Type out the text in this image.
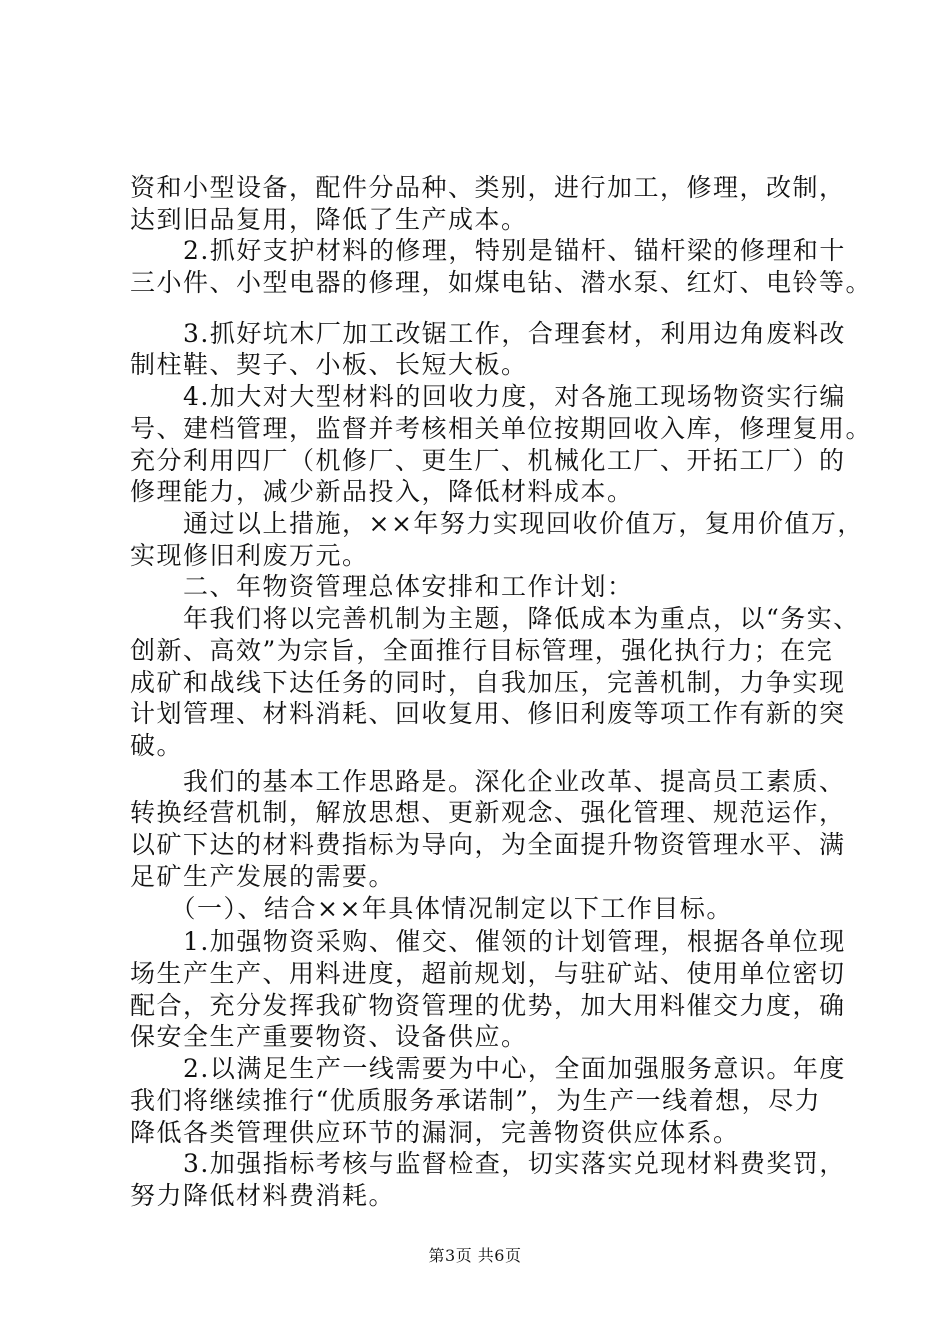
资和小型设备，配件分品种、类别，进行加工，修理，改制，
达到旧品复用，降低了生产成本。
　　2.抓好支护材料的修理，特别是锚杆、锚杆梁的修理和十
三小件、小型电器的修理，如煤电钻、潜水泵、红灯、电铃等。
　　3.抓好坑木厂加工改锯工作，合理套材，利用边角废料改
制柱鞋、契子、小板、长短大板。
　　4.加大对大型材料的回收力度，对各施工现场物资实行编
号、建档管理，监督并考核相关单位按期回收入库，修理复用。
充分利用四厂（机修厂、更生厂、机械化工厂、开拓工厂）的
修理能力，减少新品投入，降低材料成本。
　　通过以上措施，××年努力实现回收价值万，复用价值万，
实现修旧利废万元。
　　二、年物资管理总体安排和工作计划：
　　年我们将以完善机制为主题，降低成本为重点，以“务实、
创新、高效”为宗旨，全面推行目标管理，强化执行力；在完
成矿和战线下达任务的同时，自我加压，完善机制，力争实现
计划管理、材料消耗、回收复用、修旧利废等项工作有新的突
破。
　　我们的基本工作思路是。深化企业改革、提高员工素质、
转换经营机制，解放思想、更新观念、强化管理、规范运作，
以矿下达的材料费指标为导向，为全面提升物资管理水平、满
足矿生产发展的需要。
　　（一）、结合××年具体情况制定以下工作目标。
　　1.加强物资采购、催交、催领的计划管理，根据各单位现
场生产生产、用料进度，超前规划，与驻矿站、使用单位密切
配合，充分发挥我矿物资管理的优势，加大用料催交力度，确
保安全生产重要物资、设备供应。
　　2.以满足生产一线需要为中心，全面加强服务意识。年度
我们将继续推行“优质服务承诺制”，为生产一线着想，尽力
降低各类管理供应环节的漏洞，完善物资供应体系。
　　3.加强指标考核与监督检查，切实落实兑现材料费奖罚，
努力降低材料费消耗。
第3页 共6页
